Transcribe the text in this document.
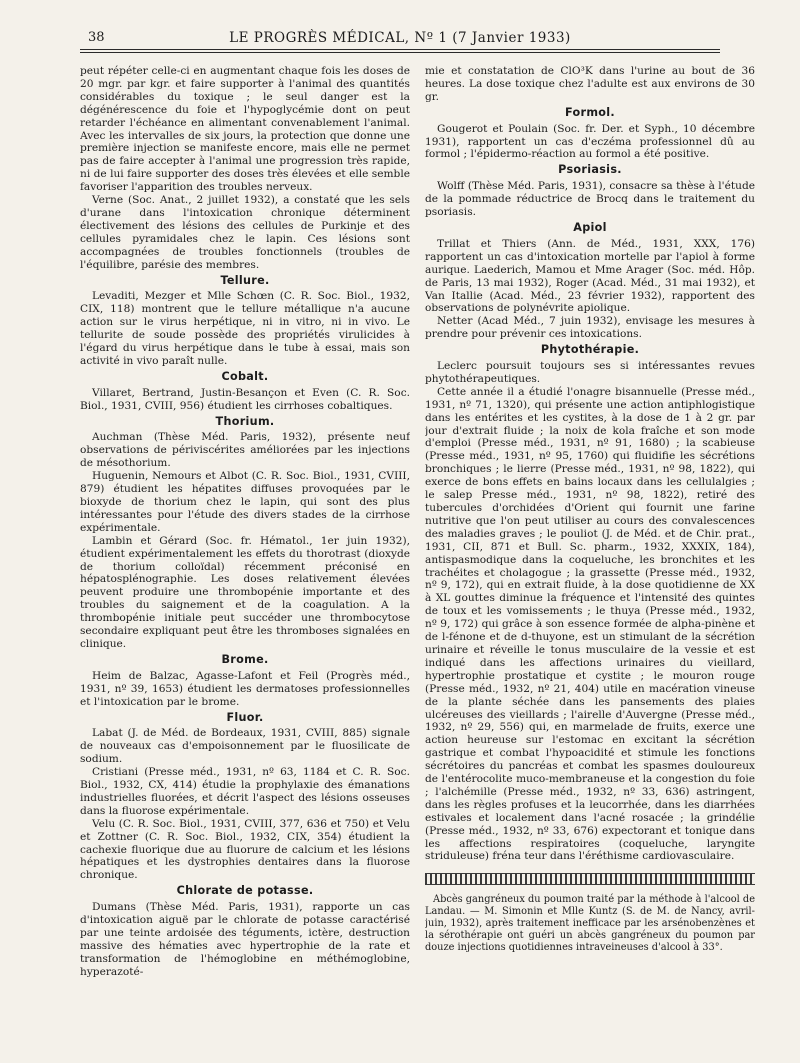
38	LE PROGRÈS MÉDICAL, Nº 1 (7 Janvier 1933)

peut répéter celle-ci en augmentant chaque fois les doses de 20 mgr. par kgr. et faire supporter à l'animal des quantités considérables du toxique ; le seul danger est la dégénérescence du foie et l'hypoglycémie dont on peut retarder l'échéance en alimentant convenablement l'animal. Avec les intervalles de six jours, la protection que donne une première injection se manifeste encore, mais elle ne permet pas de faire accepter à l'animal une progression très rapide, ni de lui faire supporter des doses très élevées et elle semble favoriser l'apparition des troubles nerveux.

Verne (Soc. Anat., 2 juillet 1932), a constaté que les sels d'urane dans l'intoxication chronique déterminent électivement des lésions des cellules de Purkinje et des cellules pyramidales chez le lapin. Ces lésions sont accompagnées de troubles fonctionnels (troubles de l'équilibre, parésie des membres.

Tellure.

Levaditi, Mezger et Mlle Schœn (C. R. Soc. Biol., 1932, CIX, 118) montrent que le tellure métallique n'a aucune action sur le virus herpétique, ni in vitro, ni in vivo. Le tellurite de soude possède des propriétés virulicides à l'égard du virus herpétique dans le tube à essai, mais son activité in vivo paraît nulle.

Cobalt.

Villaret, Bertrand, Justin-Besançon et Even (C. R. Soc. Biol., 1931, CVIII, 956) étudient les cirrhoses cobaltiques.

Thorium.

Auchman (Thèse Méd. Paris, 1932), présente neuf observations de périviscérites améliorées par les injections de mésothorium.

Huguenin, Nemours et Albot (C. R. Soc. Biol., 1931, CVIII, 879) étudient les hépatites diffuses provoquées par le bioxyde de thorium chez le lapin, qui sont des plus intéressantes pour l'étude des divers stades de la cirrhose expérimentale.

Lambin et Gérard (Soc. fr. Hématol., 1er juin 1932), étudient expérimentalement les effets du thorotrast (dioxyde de thorium colloïdal) récemment préconisé en hépatosplénographie. Les doses relativement élevées peuvent produire une thrombopénie importante et des troubles du saignement et de la coagulation. A la thrombopénie initiale peut succéder une thrombocytose secondaire expliquant peut être les thromboses signalées en clinique.

Brome.

Heim de Balzac, Agasse-Lafont et Feil (Progrès méd., 1931, nº 39, 1653) étudient les dermatoses professionnelles et l'intoxication par le brome.

Fluor.

Labat (J. de Méd. de Bordeaux, 1931, CVIII, 885) signale de nouveaux cas d'empoisonnement par le fluosilicate de sodium.

Cristiani (Presse méd., 1931, nº 63, 1184 et C. R. Soc. Biol., 1932, CX, 414) étudie la prophylaxie des émanations industrielles fluorées, et décrit l'aspect des lésions osseuses dans la fluorose expérimentale.

Velu (C. R. Soc. Biol., 1931, CVIII, 377, 636 et 750) et Velu et Zottner (C. R. Soc. Biol., 1932, CIX, 354) étudient la cachexie fluorique due au fluorure de calcium et les lésions hépatiques et les dystrophies dentaires dans la fluorose chronique.

Chlorate de potasse.

Dumans (Thèse Méd. Paris, 1931), rapporte un cas d'intoxication aiguë par le chlorate de potasse caractérisé par une teinte ardoisée des téguments, ictère, destruction massive des hématies avec hypertrophie de la rate et transformation de l'hémoglobine en méthémoglobine, hyperazoté-

mie et constatation de ClO³K dans l'urine au bout de 36 heures. La dose toxique chez l'adulte est aux environs de 30 gr.

Formol.

Gougerot et Poulain (Soc. fr. Der. et Syph., 10 décembre 1931), rapportent un cas d'eczéma professionnel dû au formol ; l'épidermo-réaction au formol a été positive.

Psoriasis.

Wolff (Thèse Méd. Paris, 1931), consacre sa thèse à l'étude de la pommade réductrice de Brocq dans le traitement du psoriasis.

Apiol

Trillat et Thiers (Ann. de Méd., 1931, XXX, 176) rapportent un cas d'intoxication mortelle par l'apiol à forme aurique. Laederich, Mamou et Mme Arager (Soc. méd. Hôp. de Paris, 13 mai 1932), Roger (Acad. Méd., 31 mai 1932), et Van Itallie (Acad. Méd., 23 février 1932), rapportent des observations de polynévrite apiolique.

Netter (Acad Méd., 7 juin 1932), envisage les mesures à prendre pour prévenir ces intoxications.

Phytothérapie.

Leclerc poursuit toujours ses si intéressantes revues phytothérapeutiques.

Cette année il a étudié l'onagre bisannuelle (Presse méd., 1931, nº 71, 1320), qui présente une action antiphlogistique dans les entérites et les cystites, à la dose de 1 à 2 gr. par jour d'extrait fluide ; la noix de kola fraîche et son mode d'emploi (Presse méd., 1931, nº 91, 1680) ; la scabieuse (Presse méd., 1931, nº 95, 1760) qui fluidifie les sécrétions bronchiques ; le lierre (Presse méd., 1931, nº 98, 1822), qui exerce de bons effets en bains locaux dans les cellulalgies ; le salep Presse méd., 1931, nº 98, 1822), retiré des tubercules d'orchidées d'Orient qui fournit une farine nutritive que l'on peut utiliser au cours des convalescences des maladies graves ; le pouliot (J. de Méd. et de Chir. prat., 1931, CII, 871 et Bull. Sc. pharm., 1932, XXXIX, 184), antispasmodique dans la coqueluche, les bronchites et les trachéites et cholagogue ; la grassette (Presse méd., 1932, nº 9, 172), qui en extrait fluide, à la dose quotidienne de XX à XL gouttes diminue la fréquence et l'intensité des quintes de toux et les vomissements ; le thuya (Presse méd., 1932, nº 9, 172) qui grâce à son essence formée de alpha-pinène et de l-fénone et de d-thuyone, est un stimulant de la sécrétion urinaire et réveille le tonus musculaire de la vessie et est indiqué dans les affections urinaires du vieillard, hypertrophie prostatique et cystite ; le mouron rouge (Presse méd., 1932, nº 21, 404) utile en macération vineuse de la plante séchée dans les pansements des plaies ulcéreuses des vieillards ; l'airelle d'Auvergne (Presse méd., 1932, nº 29, 556) qui, en marmelade de fruits, exerce une action heureuse sur l'estomac en excitant la sécrétion gastrique et combat l'hypoacidité et stimule les fonctions sécrétoires du pancréas et combat les spasmes douloureux de l'entérocolite muco-membraneuse et la congestion du foie ; l'alchémille (Presse méd., 1932, nº 33, 636) astringent, dans les règles profuses et la leucorrhée, dans les diarrhées estivales et localement dans l'acné rosacée ; la grindélie (Presse méd., 1932, nº 33, 676) expectorant et tonique dans les affections respiratoires (coqueluche, laryngite striduleuse) fréna teur dans l'éréthisme cardiovasculaire.

Abcès gangréneux du poumon traité par la méthode à l'alcool de Landau. — M. Simonin et Mlle Kuntz (S. de M. de Nancy, avril-juin, 1932), après traitement inefficace par les arsénobenzènes et la sérothérapie ont guéri un abcès gangréneux du poumon par douze injections quotidiennes intraveineuses d'alcool à 33°.
